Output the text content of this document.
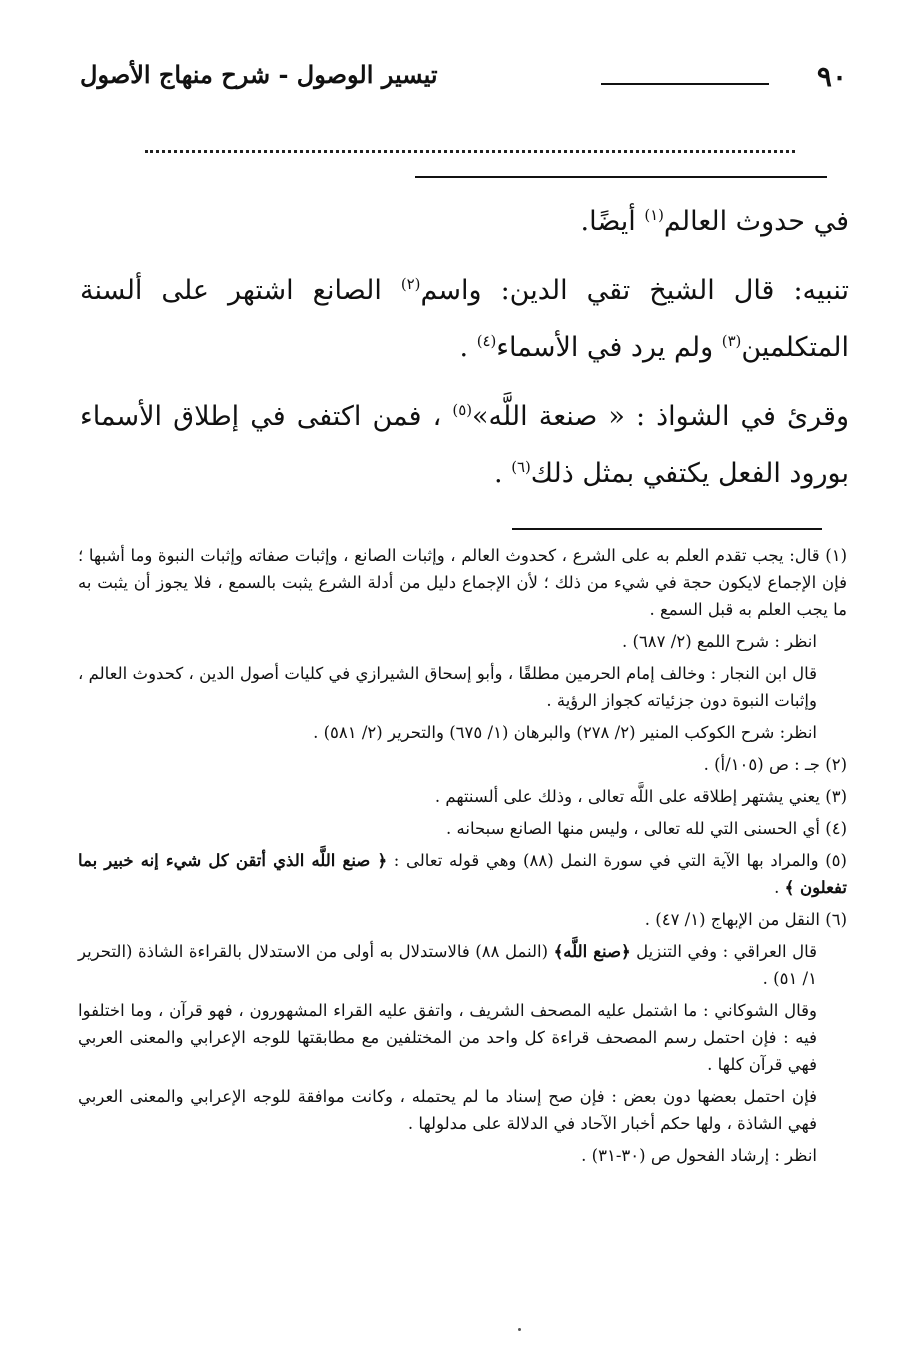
٩٠
تيسير الوصول - شرح منهاج الأصول

في حدوث العالم$^{(١)}$ أيضًا.

تنبيه: قال الشيخ تقي الدين: واسم$^{(٢)}$ الصانع اشتهر على ألسنة المتكلمين$^{(٣)}$ ولم يرد في الأسماء$^{(٤)}$ .

وقرئ في الشواذ : « صنعة اللَّه»$^{(٥)}$ ، فمن اكتفى في إطلاق الأسماء بورود الفعل يكتفي بمثل ذلك$^{(٦)}$ .

(١) قال: يجب تقدم العلم به على الشرع ، كحدوث العالم ، وإثبات الصانع ، وإثبات صفاته وإثبات النبوة وما أشبها ؛ فإن الإجماع لايكون حجة في شيء من ذلك ؛ لأن الإجماع دليل من أدلة الشرع يثبت بالسمع ، فلا يجوز أن يثبت به ما يجب العلم به قبل السمع .

انظر : شرح اللمع (٢/ ٦٨٧) .

قال ابن النجار : وخالف إمام الحرمين مطلقًا ، وأبو إسحاق الشيرازي في كليات أصول الدين ، كحدوث العالم ، وإثبات النبوة دون جزئياته كجواز الرؤية .

انظر: شرح الكوكب المنير (٢/ ٢٧٨) والبرهان (١/ ٦٧٥) والتحرير (٢/ ٥٨١) .

(٢) جـ : ص (١٠٥/أ) .

(٣) يعني يشتهر إطلاقه على اللَّه تعالى ، وذلك على ألسنتهم .

(٤) أي الحسنى التي لله تعالى ، وليس منها الصانع سبحانه .

(٥) والمراد بها الآية التي في سورة النمل (٨٨) وهي قوله تعالى : ﴿ صنع اللَّه الذي أتقن كل شيء إنه خبير بما تفعلون ﴾ .

(٦) النقل من الإبهاج (١/ ٤٧) .

قال العراقي : وفي التنزيل ﴿صنع اللَّه﴾ (النمل ٨٨) فالاستدلال به أولى من الاستدلال بالقراءة الشاذة (التحرير ١/ ٥١) .

وقال الشوكاني : ما اشتمل عليه المصحف الشريف ، واتفق عليه القراء المشهورون ، فهو قرآن ، وما اختلفوا فيه : فإن احتمل رسم المصحف قراءة كل واحد من المختلفين مع مطابقتها للوجه الإعرابي والمعنى العربي فهي قرآن كلها .

فإن احتمل بعضها دون بعض : فإن صح إسناد ما لم يحتمله ، وكانت موافقة للوجه الإعرابي والمعنى العربي فهي الشاذة ، ولها حكم أخبار الآحاد في الدلالة على مدلولها .

انظر : إرشاد الفحول ص (٣٠-٣١) .
